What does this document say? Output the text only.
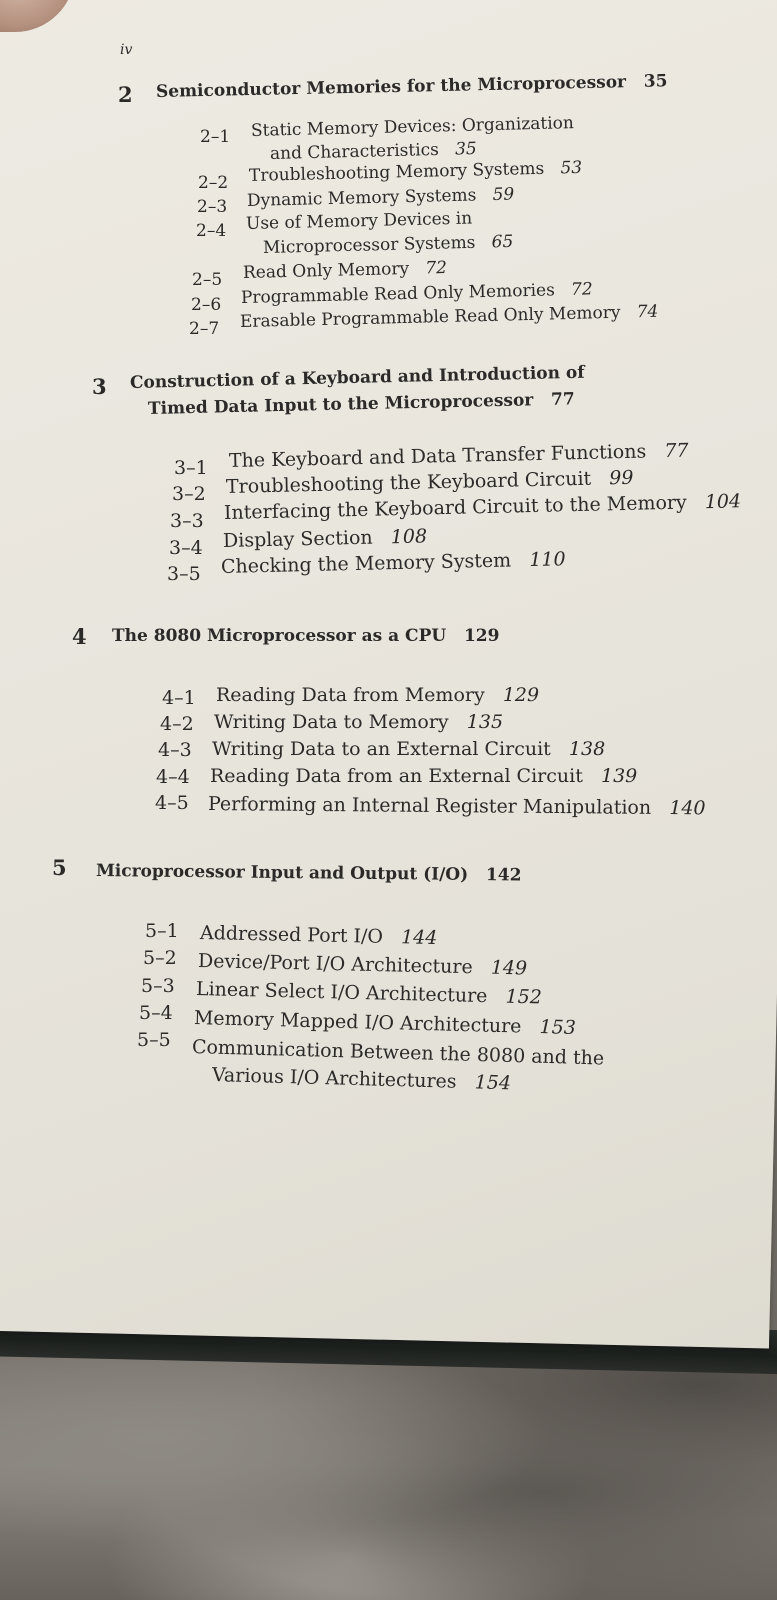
iv
2 Semiconductor Memories for the Microprocessor 35
2–1 Static Memory Devices: Organization
and Characteristics 35
2–2 Troubleshooting Memory Systems 53
2–3 Dynamic Memory Systems 59
2–4 Use of Memory Devices in
Microprocessor Systems 65
2–5 Read Only Memory 72
2–6 Programmable Read Only Memories 72
2–7 Erasable Programmable Read Only Memory 74
3 Construction of a Keyboard and Introduction of
Timed Data Input to the Microprocessor 77
3–1 The Keyboard and Data Transfer Functions 77
3–2 Troubleshooting the Keyboard Circuit 99
3–3 Interfacing the Keyboard Circuit to the Memory 104
3–4 Display Section 108
3–5 Checking the Memory System 110
4 The 8080 Microprocessor as a CPU 129
4–1 Reading Data from Memory 129
4–2 Writing Data to Memory 135
4–3 Writing Data to an External Circuit 138
4–4 Reading Data from an External Circuit 139
4–5 Performing an Internal Register Manipulation 140
5 Microprocessor Input and Output (I/O) 142
5–1 Addressed Port I/O 144
5–2 Device/Port I/O Architecture 149
5–3 Linear Select I/O Architecture 152
5–4 Memory Mapped I/O Architecture 153
5–5 Communication Between the 8080 and the
Various I/O Architectures 154
